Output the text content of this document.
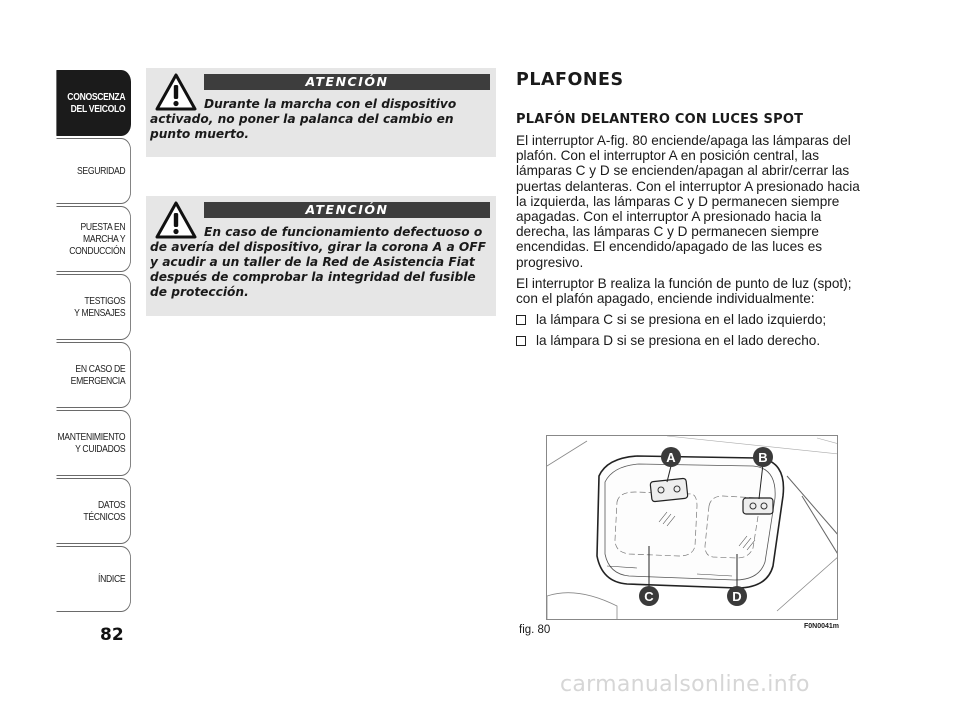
CONOSCENZA
DEL VEICOLO
SEGURIDAD
PUESTA EN
MARCHA Y
CONDUCCIÓN
TESTIGOS
Y MENSAJES
EN CASO DE
EMERGENCIA
MANTENIMIENTO
Y CUIDADOS
DATOS
TÉCNICOS
ÍNDICE
82
ATENCIÓN
Durante la marcha con el dispositivo activado, no poner la palanca del cambio en punto muerto.
ATENCIÓN
En caso de funcionamiento defectuoso o de avería del dispositivo, girar la corona A a OFF y acudir a un taller de la Red de Asistencia Fiat después de comprobar la integridad del fusible de protección.
PLAFONES
PLAFÓN DELANTERO CON LUCES SPOT

El interruptor A-fig. 80 enciende/apaga las lámparas del plafón. Con el interruptor A en posición central, las lámparas C y D se encienden/apagan al abrir/cerrar las puertas delanteras. Con el interruptor A presionado hacia la izquierda, las lámparas C y D permanecen siempre apagadas. Con el interruptor A presionado hacia la derecha, las lámparas C y D permanecen siempre encendidas. El encendido/apagado de las luces es progresivo.

El interruptor B realiza la función de punto de luz (spot); con el plafón apagado, enciende individualmente:

la lámpara C si se presiona en el lado izquierdo;
la lámpara D si se presiona en el lado derecho.
A	B
C	D
fig. 80	F0N0041m
carmanualsonline.info
